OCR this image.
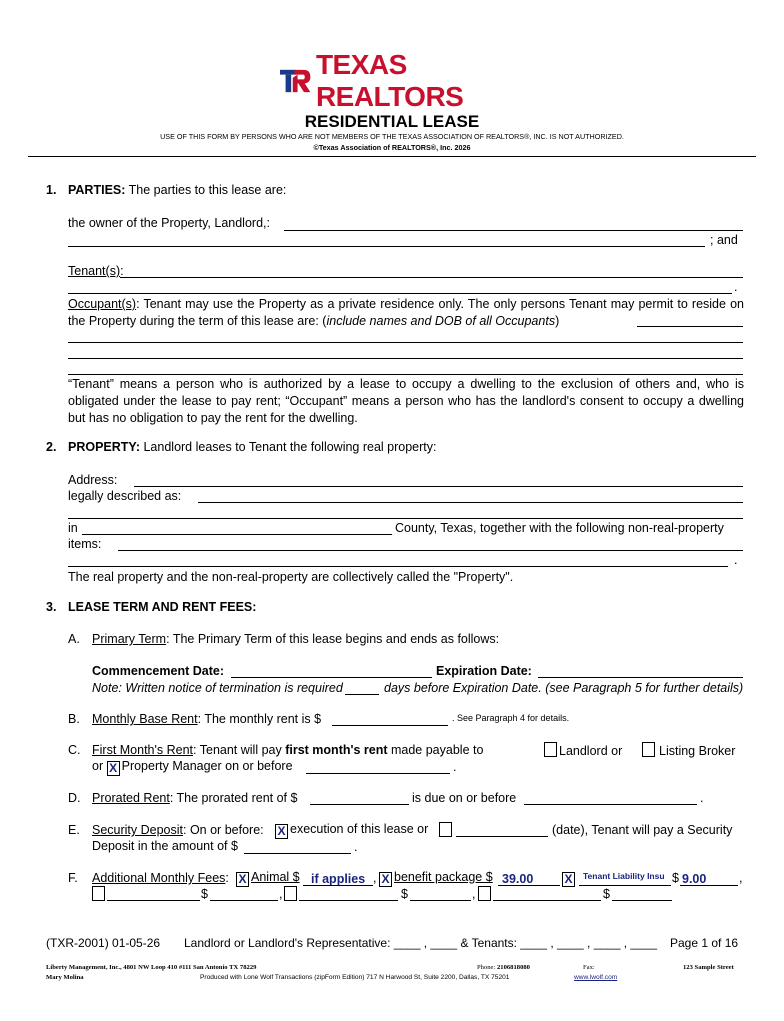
TEXAS REALTORS
RESIDENTIAL LEASE
USE OF THIS FORM BY PERSONS WHO ARE NOT MEMBERS OF THE TEXAS ASSOCIATION OF REALTORS®, INC. IS NOT AUTHORIZED.
©Texas Association of REALTORS®, Inc. 2026
1. PARTIES: The parties to this lease are:
the owner of the Property, Landlord,:
; and
Tenant(s):
.
Occupant(s): Tenant may use the Property as a private residence only. The only persons Tenant may permit to reside on the Property during the term of this lease are: (include names and DOB of all Occupants)
“Tenant” means a person who is authorized by a lease to occupy a dwelling to the exclusion of others and, who is obligated under the lease to pay rent; “Occupant” means a person who has the landlord's consent to occupy a dwelling but has no obligation to pay the rent for the dwelling.
2. PROPERTY: Landlord leases to Tenant the following real property:
Address:
legally described as:
in	County, Texas, together with the following non-real-property
items:
.
The real property and the non-real-property are collectively called the "Property".
3. LEASE TERM AND RENT FEES:
A. Primary Term: The Primary Term of this lease begins and ends as follows:
Commencement Date:	Expiration Date:
Note: Written notice of termination is required	days before Expiration Date. (see Paragraph 5 for further details)
B. Monthly Base Rent: The monthly rent is $	. See Paragraph 4 for details.
C. First Month's Rent: Tenant will pay first month's rent made payable to	Landlord or	Listing Broker
or X Property Manager on or before	.
D. Prorated Rent: The prorated rent of $	is due on or before	.
E. Security Deposit: On or before: X execution of this lease or	(date), Tenant will pay a Security
Deposit in the amount of $	.
F. Additional Monthly Fees: X Animal $ if applies , X benefit package $ 39.00	X	Tenant Liability Insu $ 9.00	,
$	,	$	,	$
(TXR-2001) 01-05-26 Landlord or Landlord's Representative: ____ , ____ & Tenants: ____ , ____ , ____ , ____ Page 1 of 16
Liberty Management, Inc., 4801 NW Loop 410 #111 San Antonio TX 78229	Phone: 2106818080	Fax:	123 Sample Street
Mary Molina	Produced with Lone Wolf Transactions (zipForm Edition) 717 N Harwood St, Suite 2200, Dallas, TX 75201	www.lwolf.com
